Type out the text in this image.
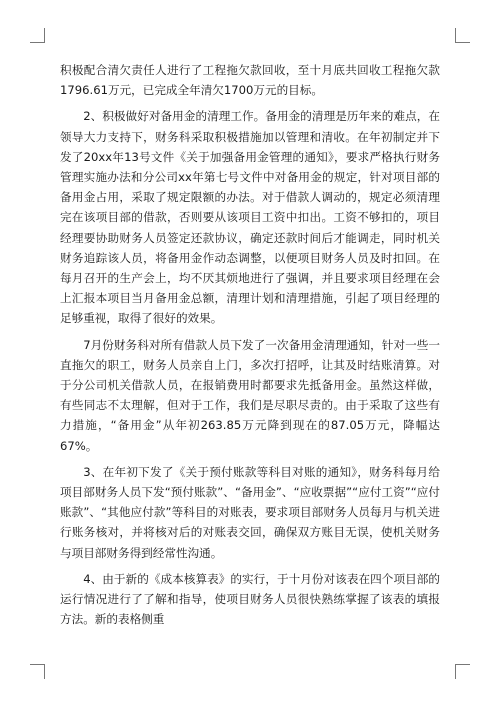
积极配合清欠责任人进行了工程拖欠款回收，至十月底共回收工程拖欠款1796.61万元，已完成全年清欠1700万元的目标。

2、积极做好对备用金的清理工作。备用金的清理是历年来的难点，在领导大力支持下，财务科采取积极措施加以管理和清收。在年初制定并下发了20xx年13号文件《关于加强备用金管理的通知》，要求严格执行财务管理实施办法和分公司xx年第七号文件中对备用金的规定，针对项目部的备用金占用，采取了规定限额的办法。对于借款人调动的，规定必须清理完在该项目部的借款，否则要从该项目工资中扣出。工资不够扣的，项目经理要协助财务人员签定还款协议，确定还款时间后才能调走，同时机关财务追踪该人员，将备用金作动态调整，以便项目财务人员及时扣回。在每月召开的生产会上，均不厌其烦地进行了强调，并且要求项目经理在会上汇报本项目当月备用金总额，清理计划和清理措施，引起了项目经理的足够重视，取得了很好的效果。

7月份财务科对所有借款人员下发了一次备用金清理通知，针对一些一直拖欠的职工，财务人员亲自上门，多次打招呼，让其及时结账清算。对于分公司机关借款人员，在报销费用时都要求先抵备用金。虽然这样做，有些同志不太理解，但对于工作，我们是尽职尽责的。由于采取了这些有力措施，“备用金”从年初263.85万元降到现在的87.05万元，降幅达67%。

3、在年初下发了《关于预付账款等科目对账的通知》，财务科每月给项目部财务人员下发“预付账款”、“备用金”、“应收票据”“应付工资”“应付账款”、“其他应付款”等科目的对账表，要求项目部财务人员每月与机关进行账务核对，并将核对后的对账表交回，确保双方账目无误，使机关财务与项目部财务得到经常性沟通。

4、由于新的《成本核算表》的实行，于十月份对该表在四个项目部的运行情况进行了了解和指导，使项目财务人员很快熟练掌握了该表的填报方法。新的表格侧重
